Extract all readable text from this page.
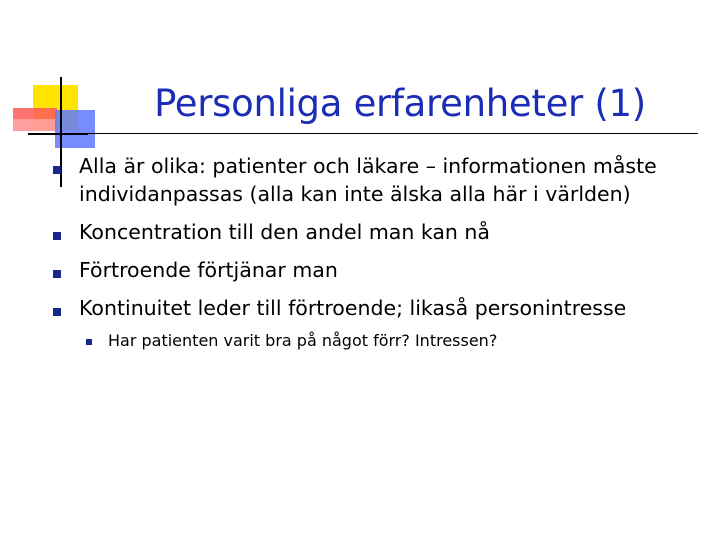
Personliga erfarenheter (1)
Alla är olika: patienter och läkare – informationen måste individanpassas (alla kan inte älska alla här i världen)
Koncentration till den andel man kan nå
Förtroende förtjänar man
Kontinuitet leder till förtroende; likaså personintresse
Har patienten varit bra på något förr? Intressen?
